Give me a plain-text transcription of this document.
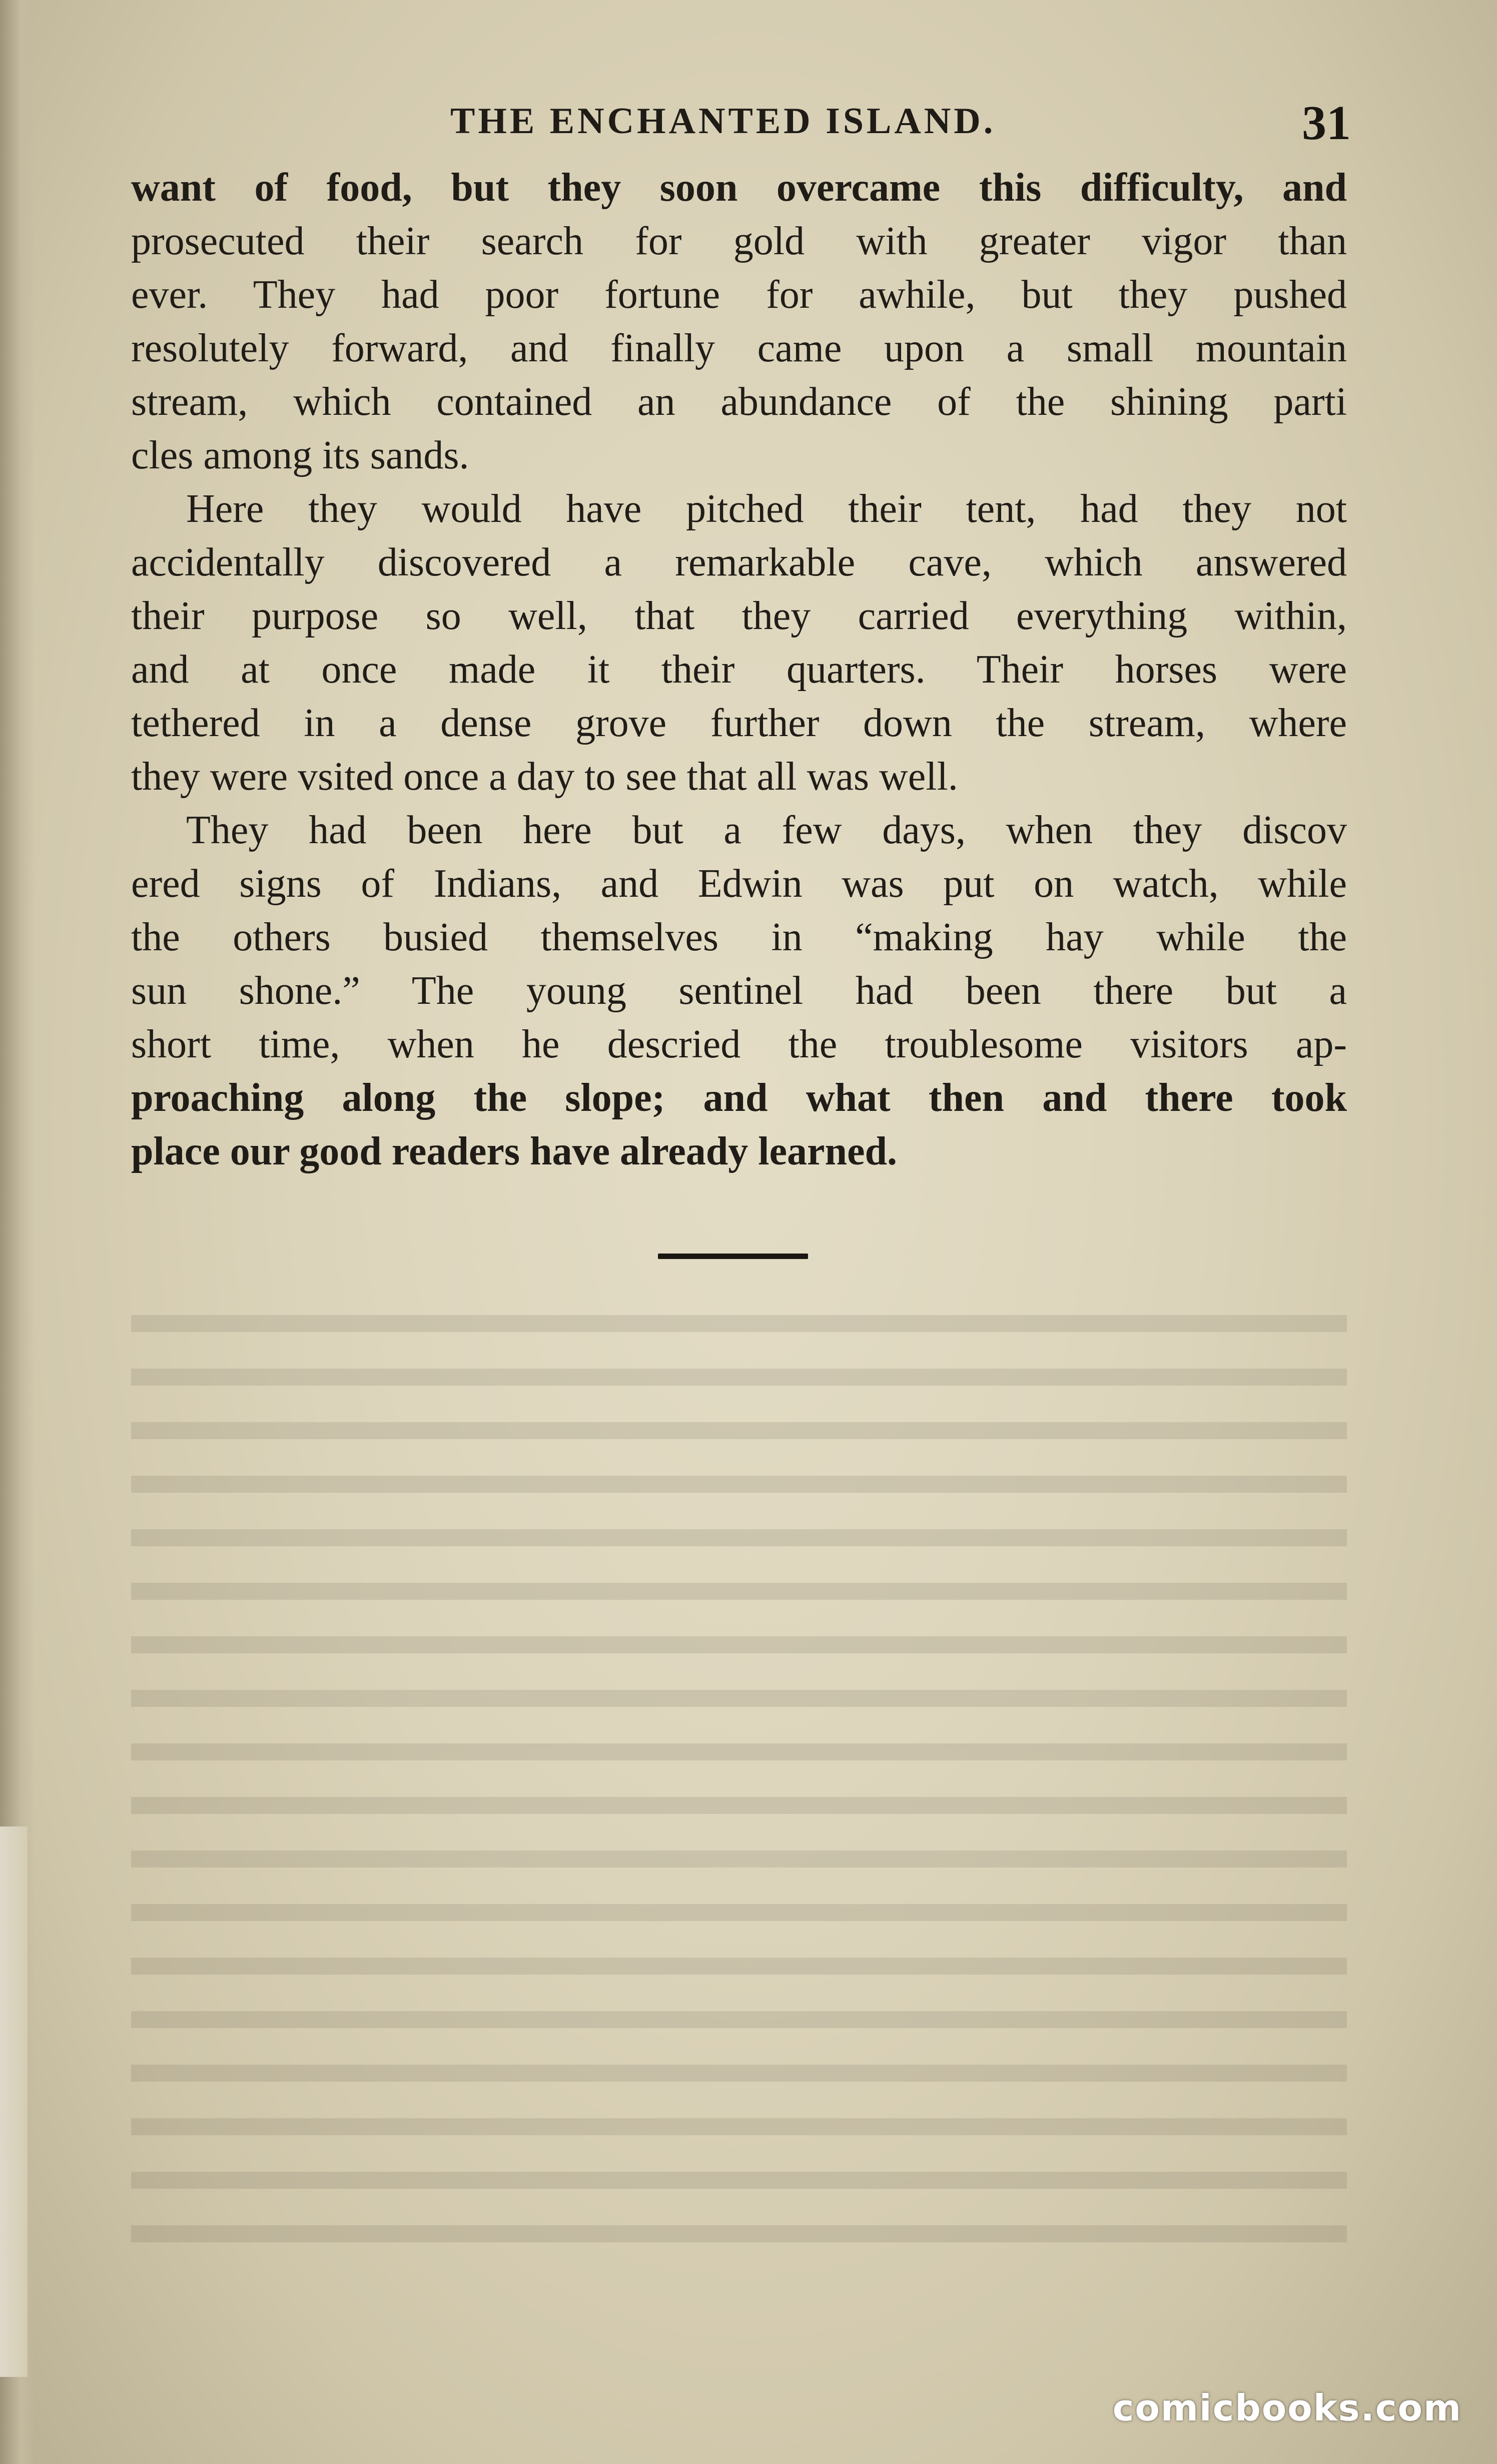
THE ENCHANTED ISLAND.	31
want of food, but they soon overcame this difficulty, and
prosecuted their search for gold with greater vigor than
ever. They had poor fortune for awhile, but they pushed
resolutely forward, and finally came upon a small mountain
stream, which contained an abundance of the shining parti
cles among its sands.
Here they would have pitched their tent, had they not
accidentally discovered a remarkable cave, which answered
their purpose so well, that they carried everything within,
and at once made it their quarters. Their horses were
tethered in a dense grove further down the stream, where
they were vsited once a day to see that all was well.
They had been here but a few days, when they discov
ered signs of Indians, and Edwin was put on watch, while
the others busied themselves in “making hay while the
sun shone.” The young sentinel had been there but a
short time, when he descried the troublesome visitors ap-
proaching along the slope; and what then and there took
place our good readers have already learned.
comicbooks.com
